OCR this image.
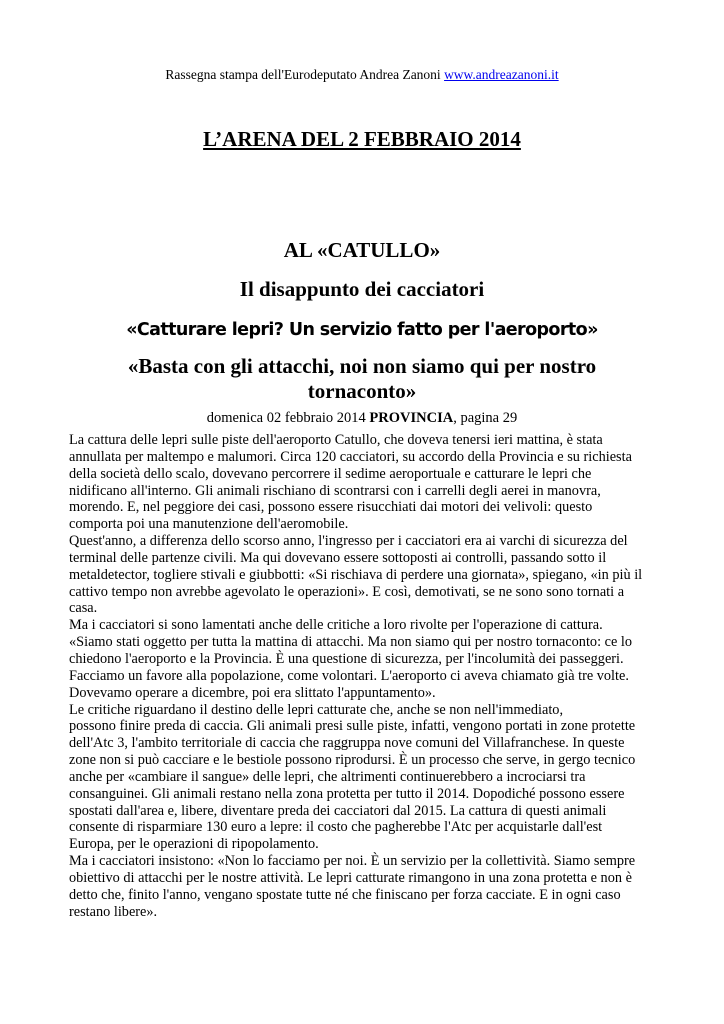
Rassegna stampa dell'Eurodeputato Andrea Zanoni www.andreazanoni.it
L’ARENA DEL 2 FEBBRAIO 2014
AL «CATULLO»
Il disappunto dei cacciatori
«Catturare lepri? Un servizio fatto per l'aeroporto»
«Basta con gli attacchi, noi non siamo qui per nostro tornaconto»
domenica 02 febbraio 2014 PROVINCIA, pagina 29
La cattura delle lepri sulle piste dell'aeroporto Catullo, che doveva tenersi ieri mattina, è stata
annullata per maltempo e malumori. Circa 120 cacciatori, su accordo della Provincia e su richiesta
della società dello scalo, dovevano percorrere il sedime aeroportuale e catturare le lepri che
nidificano all'interno. Gli animali rischiano di scontrarsi con i carrelli degli aerei in manovra,
morendo. E, nel peggiore dei casi, possono essere risucchiati dai motori dei velivoli: questo
comporta poi una manutenzione dell'aeromobile.
Quest'anno, a differenza dello scorso anno, l'ingresso per i cacciatori era ai varchi di sicurezza del
terminal delle partenze civili. Ma qui dovevano essere sottoposti ai controlli, passando sotto il
metaldetector, togliere stivali e giubbotti: «Si rischiava di perdere una giornata», spiegano, «in più il
cattivo tempo non avrebbe agevolato le operazioni». E così, demotivati, se ne sono sono tornati a
casa.
Ma i cacciatori si sono lamentati anche delle critiche a loro rivolte per l'operazione di cattura.
«Siamo stati oggetto per tutta la mattina di attacchi. Ma non siamo qui per nostro tornaconto: ce lo
chiedono l'aeroporto e la Provincia. È una questione di sicurezza, per l'incolumità dei passeggeri.
Facciamo un favore alla popolazione, come volontari. L'aeroporto ci aveva chiamato già tre volte.
Dovevamo operare a dicembre, poi era slittato l'appuntamento».
Le critiche riguardano il destino delle lepri catturate che, anche se non nell'immediato,
possono finire preda di caccia. Gli animali presi sulle piste, infatti, vengono portati in zone protette
dell'Atc 3, l'ambito territoriale di caccia che raggruppa nove comuni del Villafranchese. In queste
zone non si può cacciare e le bestiole possono riprodursi. È un processo che serve, in gergo tecnico
anche per «cambiare il sangue» delle lepri, che altrimenti continuerebbero a incrociarsi tra
consanguinei. Gli animali restano nella zona protetta per tutto il 2014. Dopodiché possono essere
spostati dall'area e, libere, diventare preda dei cacciatori dal 2015. La cattura di questi animali
consente di risparmiare 130 euro a lepre: il costo che pagherebbe l'Atc per acquistarle dall'est
Europa, per le operazioni di ripopolamento.
Ma i cacciatori insistono: «Non lo facciamo per noi. È un servizio per la collettività. Siamo sempre
obiettivo di attacchi per le nostre attività. Le lepri catturate rimangono in una zona protetta e non è
detto che, finito l'anno, vengano spostate tutte né che finiscano per forza cacciate. E in ogni caso
restano libere».
